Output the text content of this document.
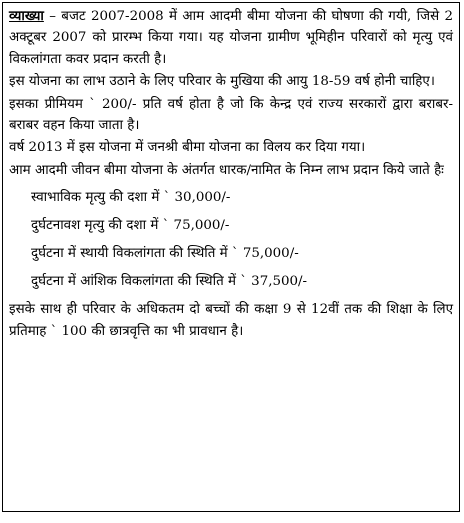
व्याख्या – बजट 2007-2008 में आम आदमी बीमा योजना की घोषणा की गयी, जिसे 2 अक्टूबर 2007 को प्रारम्भ किया गया। यह योजना ग्रामीण भूमिहीन परिवारों को मृत्यु एवं विकलांगता कवर प्रदान करती है।

इस योजना का लाभ उठाने के लिए परिवार के मुखिया की आयु 18-59 वर्ष होनी चाहिए।

इसका प्रीमियम ` 200/- प्रति वर्ष होता है जो कि केन्द्र एवं राज्य सरकारों द्वारा बराबर-बराबर वहन किया जाता है।

वर्ष 2013 में इस योजना में जनश्री बीमा योजना का विलय कर दिया गया।

आम आदमी जीवन बीमा योजना के अंतर्गत धारक/नामित के निम्न लाभ प्रदान किये जाते हैः

स्वाभाविक मृत्यु की दशा में ` 30,000/-
दुर्घटनावश मृत्यु की दशा में ` 75,000/-
दुर्घटना में स्थायी विकलांगता की स्थिति में ` 75,000/-
दुर्घटना में आंशिक विकलांगता की स्थिति में ` 37,500/-

इसके साथ ही परिवार के अधिकतम दो बच्चों की कक्षा 9 से 12वीं तक की शिक्षा के लिए प्रतिमाह ` 100 की छात्रवृत्ति का भी प्रावधान है।
